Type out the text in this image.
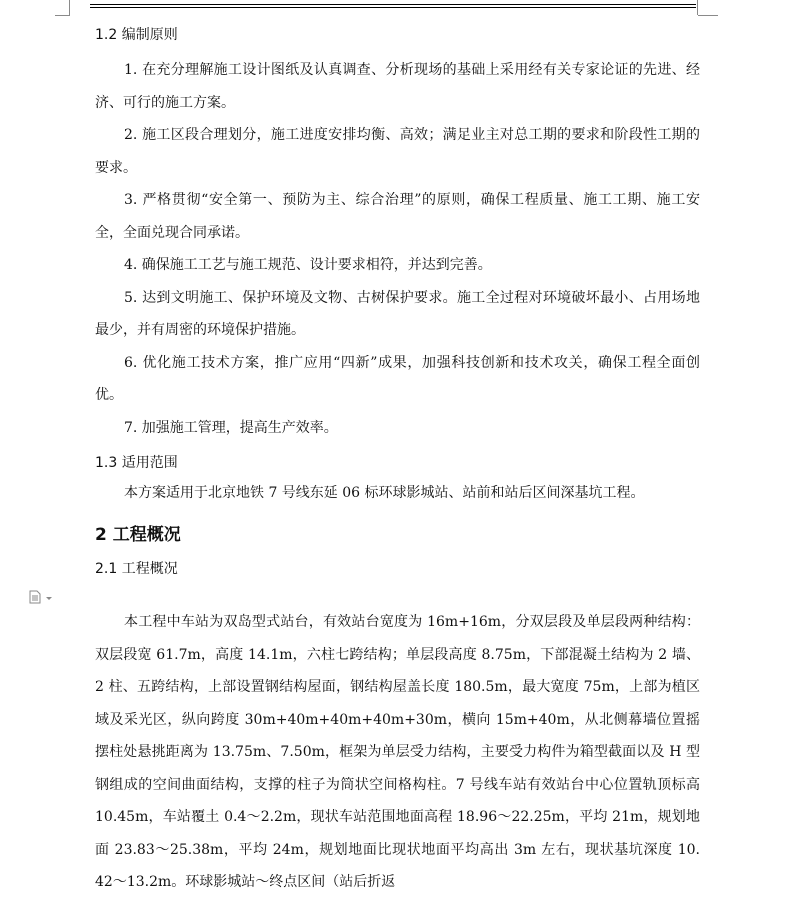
1.2 编制原则

1. 在充分理解施工设计图纸及认真调查、分析现场的基础上采用经有关专家论证的先进、经济、可行的施工方案。

2. 施工区段合理划分，施工进度安排均衡、高效；满足业主对总工期的要求和阶段性工期的要求。

3. 严格贯彻“安全第一、预防为主、综合治理”的原则，确保工程质量、施工工期、施工安全，全面兑现合同承诺。

4. 确保施工工艺与施工规范、设计要求相符，并达到完善。

5. 达到文明施工、保护环境及文物、古树保护要求。施工全过程对环境破坏最小、占用场地最少，并有周密的环境保护措施。

6. 优化施工技术方案，推广应用“四新”成果，加强科技创新和技术攻关，确保工程全面创优。

7. 加强施工管理，提高生产效率。

1.3 适用范围

本方案适用于北京地铁 7 号线东延 06 标环球影城站、站前和站后区间深基坑工程。

2 工程概况

2.1 工程概况

本工程中车站为双岛型式站台，有效站台宽度为 16m+16m，分双层段及单层段两种结构：双层段宽 61.7m，高度 14.1m，六柱七跨结构；单层段高度 8.75m，下部混凝土结构为 2 墙、2 柱、五跨结构，上部设置钢结构屋面，钢结构屋盖长度 180.5m，最大宽度 75m，上部为植区域及采光区，纵向跨度 30m+40m+40m+40m+30m，横向 15m+40m，从北侧幕墙位置摇摆柱处悬挑距离为 13.75m、7.50m，框架为单层受力结构，主要受力构件为箱型截面以及 H 型钢组成的空间曲面结构，支撑的柱子为筒状空间格构柱。7 号线车站有效站台中心位置轨顶标高 10.45m，车站覆土 0.4～2.2m，现状车站范围地面高程 18.96～22.25m，平均 21m，规划地面 23.83～25.38m，平均 24m，规划地面比现状地面平均高出 3m 左右，现状基坑深度 10. 42～13.2m。环球影城站～终点区间（站后折返
